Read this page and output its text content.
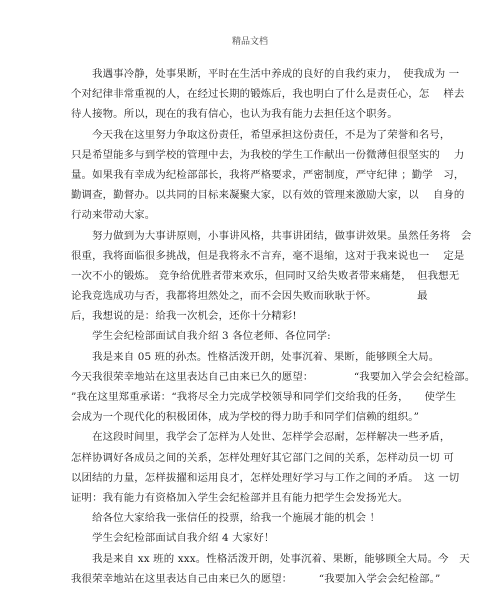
精品文档
　　我遇事冷静，处事果断，平时在生活中养成的良好的自我约束力，　使我成为 一
个对纪律非常重视的人，在经过长期的锻炼后，我也明白了什么是责任心，怎　 样去
待人接物。所以，现在的我有信心，也认为我有能力去担任这个职务。
　　今天我在这里努力争取这份责任，希望承担这份责任，不是为了荣誉和名号，
只是希望能多与到学校的管理中去，为我校的学生工作献出一份微薄但很坚实的　 力
量。如果我有幸成为纪检部部长，我将严格要求，严密制度，严守纪律 ；勤学　习，
勤调查，勤督办。以共同的目标来凝聚大家，以有效的管理来激励大家，以　 自身的
行动来带动大家。
　　努力做到为大事讲原则，小事讲风格，共事讲团结，做事讲效果。虽然任务将　会
很重，我将面临很多挑战，但是我将永不言弃，毫不退缩，这对于我来说也一　 定是
一次不小的锻炼。 竞争给优胜者带来欢乐，但同时又给失败者带来痛楚，　但我想无
论我竞选成功与否，我都将坦然处之，而不会因失败而耿耿于怀。　　　　 最
后，我想说的是：给我一次机会，还你十分精彩!
　　学生会纪检部面试自我介绍 3 各位老师、各位同学:
　　我是来自 05 班的孙杰。性格活泼开朗，处事沉着、果断，能够顾全大局。
今天我很荣幸地站在这里表达自己由来已久的愿望：　　　　 “我要加入学会会纪检部。
”我在这里郑重承诺：“我将尽全力完成学校领导和同学们交给我的任务，　　使学生
会成为一个现代化的积极团体，成为学校的得力助手和同学们信赖的组织。”
　　在这段时间里，我学会了怎样为人处世、怎样学会忍耐，怎样解决一些矛盾，
怎样协调好各成员之间的关系，怎样处理好其它部门之间的关系，怎样动员一切 可
以团结的力量，怎样拔擢和运用良才，怎样处理好学习与工作之间的矛盾。　这 一切
证明：我有能力有资格加入学生会纪检部并且有能力把学生会发扬光大。
　　给各位大家给我一张信任的投票，给我一个施展才能的机会 ！
　　学生会纪检部面试自我介绍 4 大家好！
　　我是来自 xx 班的 xxx。性格活泼开朗，处事沉着、果断，能够顾全大局。今　天
我很荣幸地站在这里表达自己由来已久的愿望：　　　“我要加入学会会纪检部。”
